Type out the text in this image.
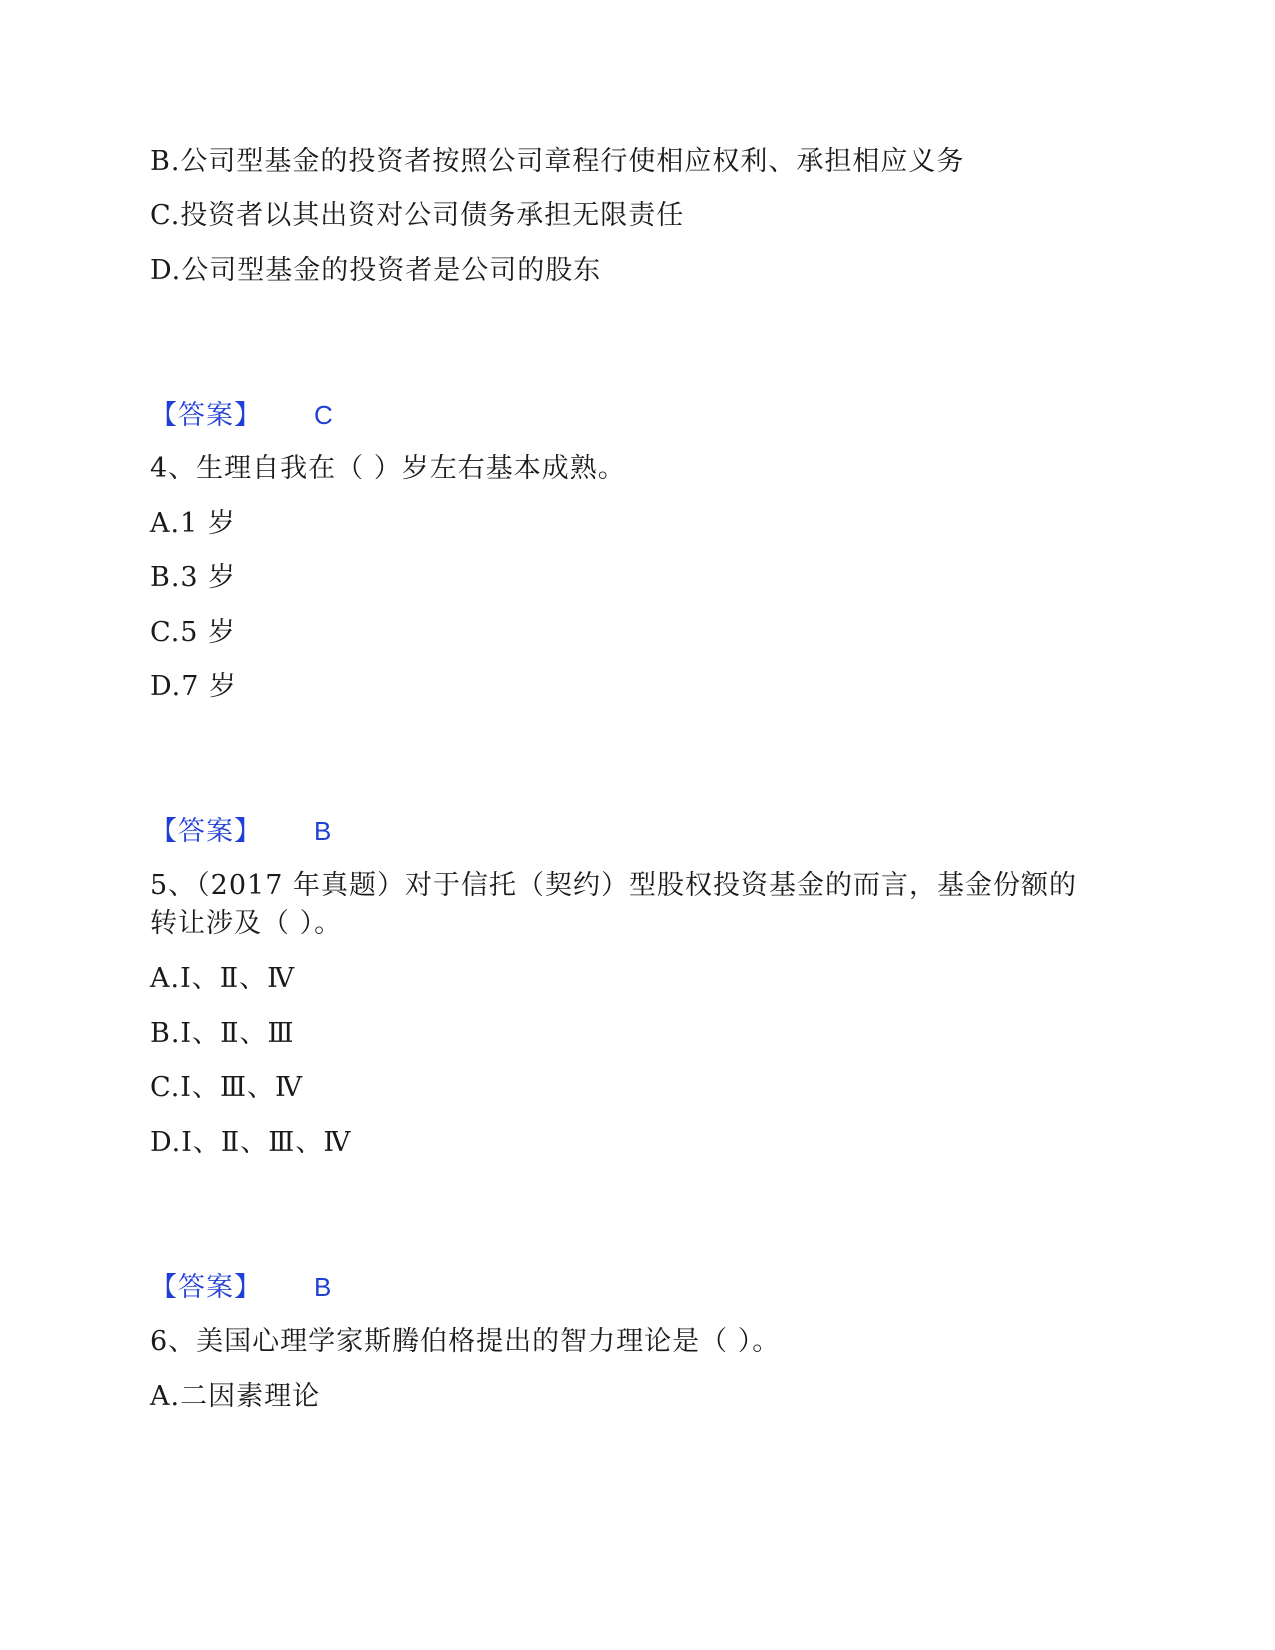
B.公司型基金的投资者按照公司章程行使相应权利、承担相应义务
C.投资者以其出资对公司债务承担无限责任
D.公司型基金的投资者是公司的股东
【答案】 C
4、生理自我在（ ）岁左右基本成熟。
A.1 岁
B.3 岁
C.5 岁
D.7 岁
【答案】 B
5、（2017 年真题）对于信托（契约）型股权投资基金的而言，基金份额的
转让涉及（ ）。
A.Ⅰ、Ⅱ、Ⅳ
B.Ⅰ、Ⅱ、Ⅲ
C.Ⅰ、Ⅲ、Ⅳ
D.Ⅰ、Ⅱ、Ⅲ、Ⅳ
【答案】 B
6、美国心理学家斯腾伯格提出的智力理论是（ ）。
A.二因素理论
